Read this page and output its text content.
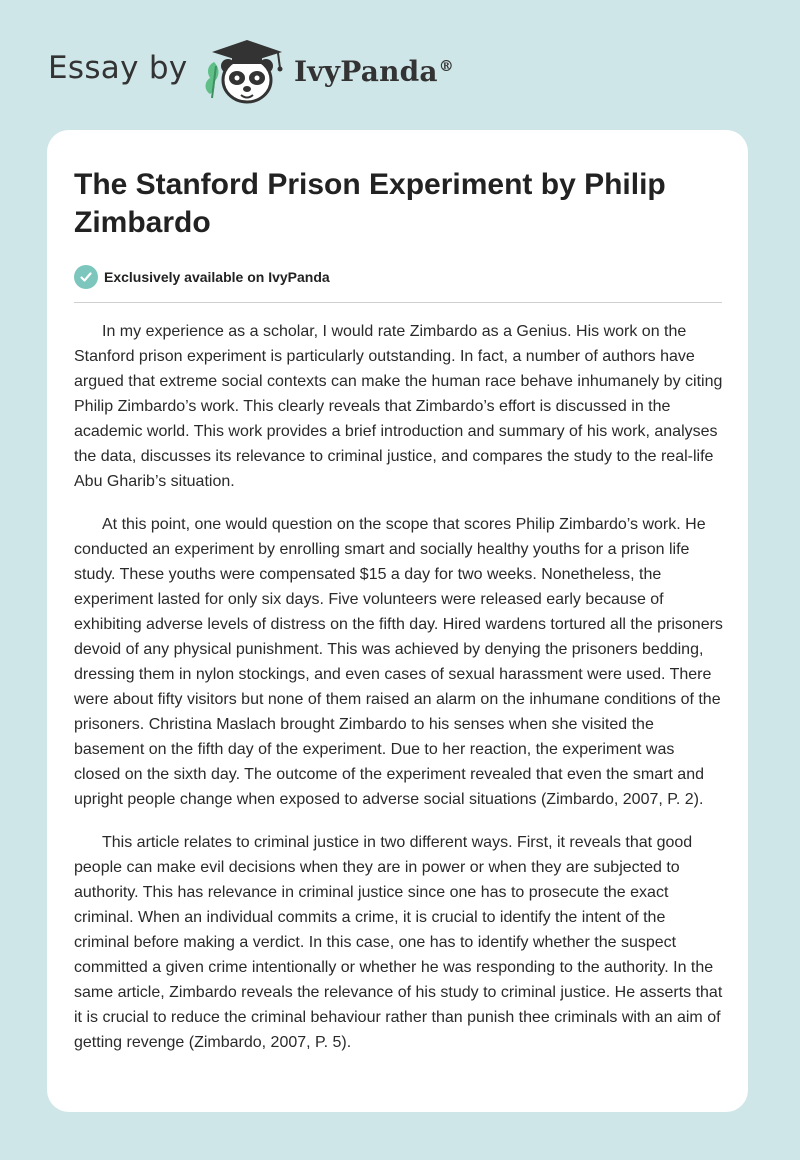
Essay by	IvyPanda®
The Stanford Prison Experiment by Philip Zimbardo
Exclusively available on IvyPanda

In my experience as a scholar, I would rate Zimbardo as a Genius. His work on the Stanford prison experiment is particularly outstanding. In fact, a number of authors have argued that extreme social contexts can make the human race behave inhumanely by citing Philip Zimbardo’s work. This clearly reveals that Zimbardo’s effort is discussed in the academic world. This work provides a brief introduction and summary of his work, analyses the data, discusses its relevance to criminal justice, and compares the study to the real-life Abu Gharib’s situation.

At this point, one would question on the scope that scores Philip Zimbardo’s work. He conducted an experiment by enrolling smart and socially healthy youths for a prison life study. These youths were compensated $15 a day for two weeks. Nonetheless, the experiment lasted for only six days. Five volunteers were released early because of exhibiting adverse levels of distress on the fifth day. Hired wardens tortured all the prisoners devoid of any physical punishment. This was achieved by denying the prisoners bedding, dressing them in nylon stockings, and even cases of sexual harassment were used. There were about fifty visitors but none of them raised an alarm on the inhumane conditions of the prisoners. Christina Maslach brought Zimbardo to his senses when she visited the basement on the fifth day of the experiment. Due to her reaction, the experiment was closed on the sixth day. The outcome of the experiment revealed that even the smart and upright people change when exposed to adverse social situations (Zimbardo, 2007, P. 2).

This article relates to criminal justice in two different ways. First, it reveals that good people can make evil decisions when they are in power or when they are subjected to authority. This has relevance in criminal justice since one has to prosecute the exact criminal. When an individual commits a crime, it is crucial to identify the intent of the criminal before making a verdict. In this case, one has to identify whether the suspect committed a given crime intentionally or whether he was responding to the authority. In the same article, Zimbardo reveals the relevance of his study to criminal justice. He asserts that it is crucial to reduce the criminal behaviour rather than punish thee criminals with an aim of getting revenge (Zimbardo, 2007, P. 5).
